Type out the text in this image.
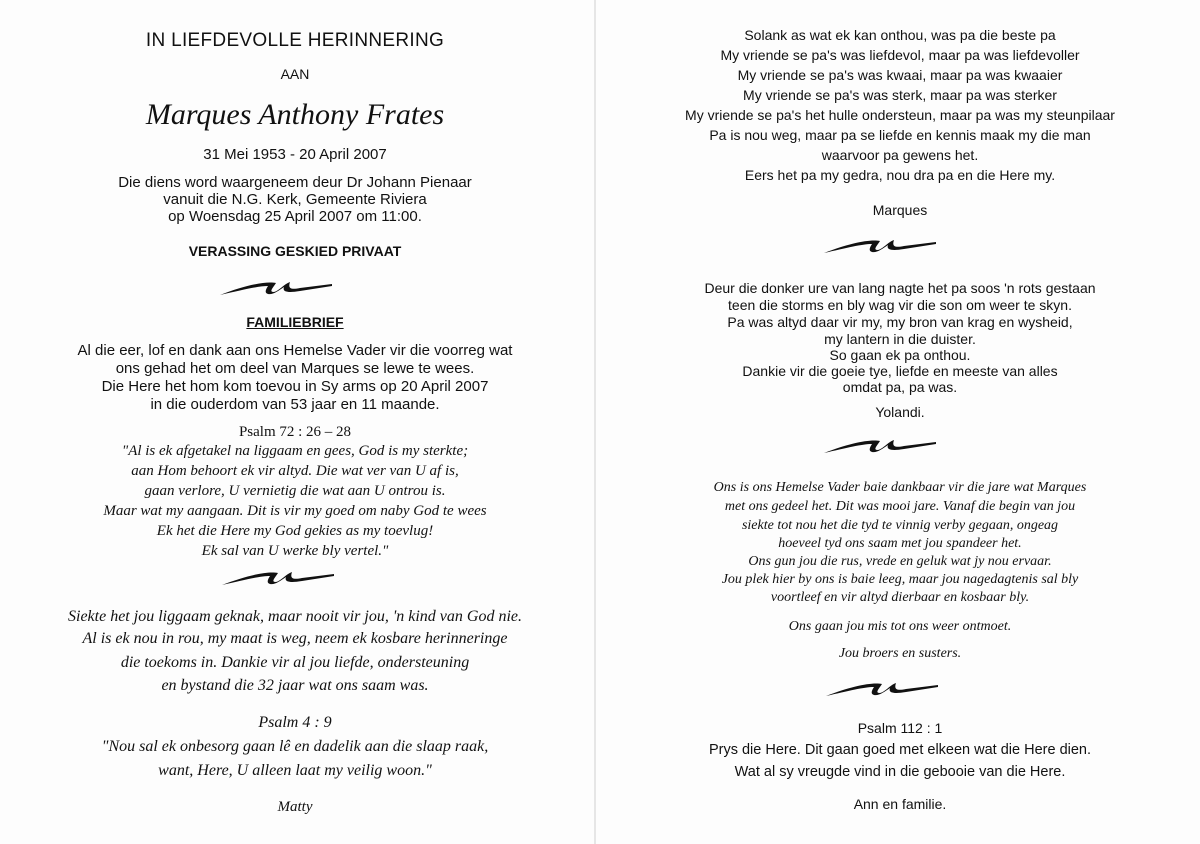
IN LIEFDEVOLLE HERINNERING
AAN
Marques Anthony Frates
31 Mei 1953 - 20 April 2007
Die diens word waargeneem deur Dr Johann Pienaar
vanuit die N.G. Kerk, Gemeente Riviera
op Woensdag 25 April 2007 om 11:00.
VERASSING GESKIED PRIVAAT
FAMILIEBRIEF
Al die eer, lof en dank aan ons Hemelse Vader vir die voorreg wat
ons gehad het om deel van Marques se lewe te wees.
Die Here het hom kom toevou in Sy arms op 20 April 2007
in die ouderdom van 53 jaar en 11 maande.
Psalm 72 : 26 – 28
"Al is ek afgetakel na liggaam en gees, God is my sterkte;
aan Hom behoort ek vir altyd. Die wat ver van U af is,
gaan verlore, U vernietig die wat aan U ontrou is.
Maar wat my aangaan. Dit is vir my goed om naby God te wees
Ek het die Here my God gekies as my toevlug!
Ek sal van U werke bly vertel."
Siekte het jou liggaam geknak, maar nooit vir jou, 'n kind van God nie.
Al is ek nou in rou, my maat is weg, neem ek kosbare herinneringe
die toekoms in. Dankie vir al jou liefde, ondersteuning
en bystand die 32 jaar wat ons saam was.
Psalm 4 : 9
"Nou sal ek onbesorg gaan lê en dadelik aan die slaap raak,
want, Here, U alleen laat my veilig woon."
Matty
Solank as wat ek kan onthou, was pa die beste pa
My vriende se pa's was liefdevol, maar pa was liefdevoller
My vriende se pa's was kwaai, maar pa was kwaaier
My vriende se pa's was sterk, maar pa was sterker
My vriende se pa's het hulle ondersteun, maar pa was my steunpilaar
Pa is nou weg, maar pa se liefde en kennis maak my die man
waarvoor pa gewens het.
Eers het pa my gedra, nou dra pa en die Here my.
Marques
Deur die donker ure van lang nagte het pa soos 'n rots gestaan
teen die storms en bly wag vir die son om weer te skyn.
Pa was altyd daar vir my, my bron van krag en wysheid,
my lantern in die duister.
So gaan ek pa onthou.
Dankie vir die goeie tye, liefde en meeste van alles
omdat pa, pa was.
Yolandi.
Ons is ons Hemelse Vader baie dankbaar vir die jare wat Marques
met ons gedeel het. Dit was mooi jare. Vanaf die begin van jou
siekte tot nou het die tyd te vinnig verby gegaan, ongeag
hoeveel tyd ons saam met jou spandeer het.
Ons gun jou die rus, vrede en geluk wat jy nou ervaar.
Jou plek hier by ons is baie leeg, maar jou nagedagtenis sal bly
voortleef en vir altyd dierbaar en kosbaar bly.
Ons gaan jou mis tot ons weer ontmoet.
Jou broers en susters.
Psalm 112 : 1
Prys die Here. Dit gaan goed met elkeen wat die Here dien.
Wat al sy vreugde vind in die gebooie van die Here.
Ann en familie.
